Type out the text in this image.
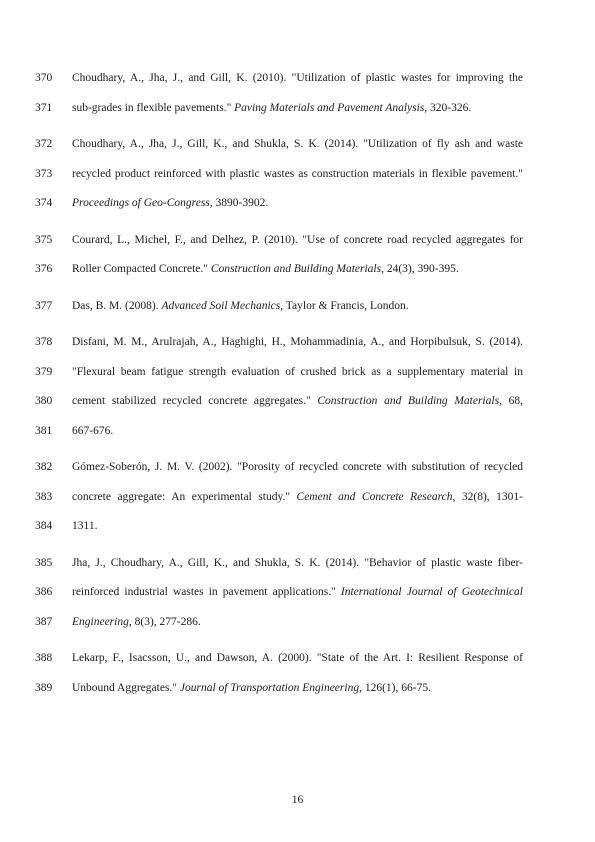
370 Choudhary, A., Jha, J., and Gill, K. (2010). "Utilization of plastic wastes for improving the
371 sub-grades in flexible pavements." Paving Materials and Pavement Analysis, 320-326.
372 Choudhary, A., Jha, J., Gill, K., and Shukla, S. K. (2014). "Utilization of fly ash and waste
373 recycled product reinforced with plastic wastes as construction materials in flexible pavement."
374 Proceedings of Geo-Congress, 3890-3902.
375 Courard, L., Michel, F., and Delhez, P. (2010). "Use of concrete road recycled aggregates for
376 Roller Compacted Concrete." Construction and Building Materials, 24(3), 390-395.
377 Das, B. M. (2008). Advanced Soil Mechanics, Taylor & Francis, London.
378 Disfani, M. M., Arulrajah, A., Haghighi, H., Mohammadinia, A., and Horpibulsuk, S. (2014).
379 "Flexural beam fatigue strength evaluation of crushed brick as a supplementary material in
380 cement stabilized recycled concrete aggregates." Construction and Building Materials, 68,
381 667-676.
382 Gómez-Soberón, J. M. V. (2002). "Porosity of recycled concrete with substitution of recycled
383 concrete aggregate: An experimental study." Cement and Concrete Research, 32(8), 1301-
384 1311.
385 Jha, J., Choudhary, A., Gill, K., and Shukla, S. K. (2014). "Behavior of plastic waste fiber-
386 reinforced industrial wastes in pavement applications." International Journal of Geotechnical
387 Engineering, 8(3), 277-286.
388 Lekarp, F., Isacsson, U., and Dawson, A. (2000). "State of the Art. I: Resilient Response of
389 Unbound Aggregates." Journal of Transportation Engineering, 126(1), 66-75.
16
